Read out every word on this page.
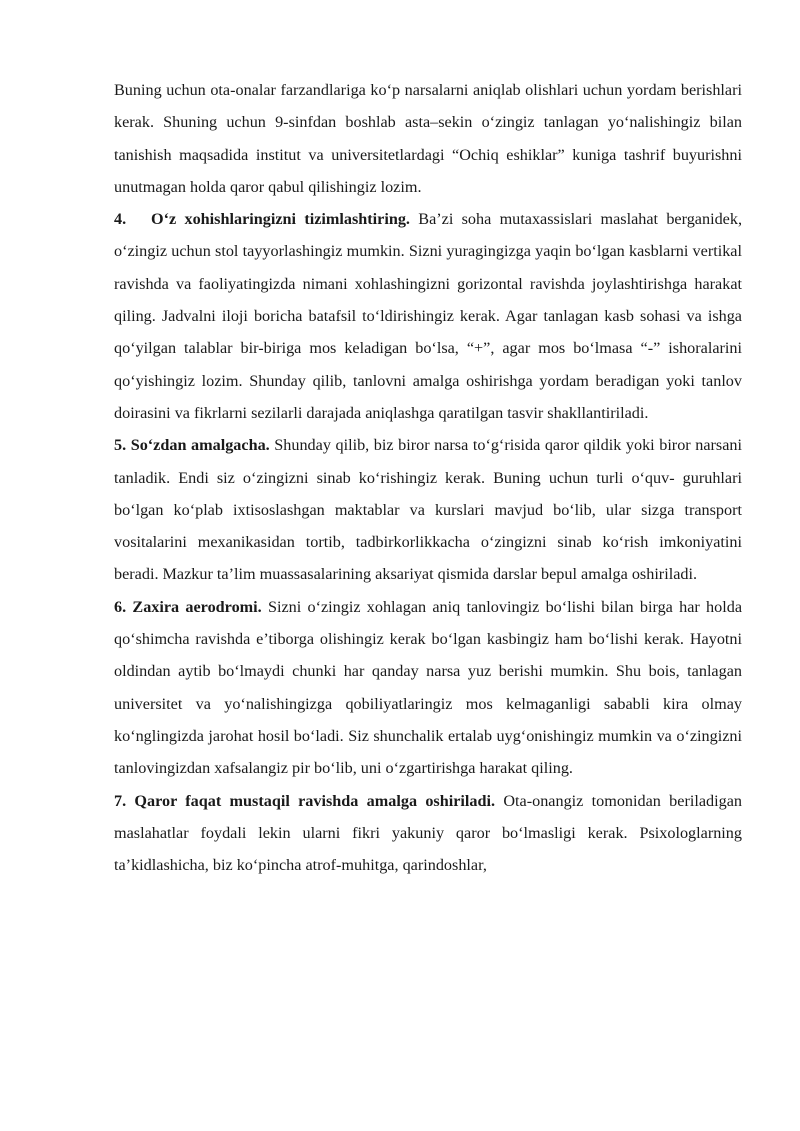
Buning uchun ota-onalar farzandlariga koʻp narsalarni aniqlab olishlari uchun yordam berishlari kerak. Shuning uchun 9-sinfdan boshlab asta–sekin oʻzingiz tanlagan yoʻnalishingiz bilan tanishish maqsadida institut va universitetlardagi “Ochiq eshiklar” kuniga tashrif buyurishni unutmagan holda qaror qabul qilishingiz lozim.

4.   Oʻz xohishlaringizni tizimlashtiring. Ba’zi soha mutaxassislari maslahat berganidek, oʻzingiz uchun stol tayyorlashingiz mumkin. Sizni yuragingizga yaqin boʻlgan kasblarni vertikal ravishda va faoliyatingizda nimani xohlashingizni gorizontal ravishda joylashtirishga harakat qiling. Jadvalni iloji boricha batafsil toʻldirishingiz kerak. Agar tanlagan kasb sohasi va ishga qoʻyilgan talablar bir-biriga mos keladigan boʻlsa, “+”, agar mos boʻlmasa “-” ishoralarini qoʻyishingiz lozim. Shunday qilib, tanlovni amalga oshirishga yordam beradigan yoki tanlov doirasini va fikrlarni sezilarli darajada aniqlashga qaratilgan tasvir shakllantiriladi.

5. Soʻzdan amalgacha. Shunday qilib, biz biror narsa toʻgʻrisida qaror qildik yoki biror narsani tanladik. Endi siz oʻzingizni sinab koʻrishingiz kerak. Buning uchun turli oʻquv- guruhlari boʻlgan koʻplab ixtisoslashgan maktablar va kurslari mavjud boʻlib, ular sizga transport vositalarini mexanikasidan tortib, tadbirkorlikkacha oʻzingizni sinab koʻrish imkoniyatini beradi. Mazkur ta’lim muassasalarining aksariyat qismida darslar bepul amalga oshiriladi.

6. Zaxira aerodromi. Sizni oʻzingiz xohlagan aniq tanlovingiz boʻlishi bilan birga har holda qoʻshimcha ravishda e’tiborga olishingiz kerak boʻlgan kasbingiz ham boʻlishi kerak. Hayotni oldindan aytib boʻlmaydi chunki har qanday narsa yuz berishi mumkin. Shu bois, tanlagan universitet va yoʻnalishingizga qobiliyatlaringiz mos kelmaganligi sababli kira olmay koʻnglingizda jarohat hosil boʻladi. Siz shunchalik ertalab uygʻonishingiz mumkin va oʻzingizni tanlovingizdan xafsalangiz pir boʻlib, uni oʻzgartirishga harakat qiling.

7. Qaror faqat mustaqil ravishda amalga oshiriladi. Ota-onangiz tomonidan beriladigan maslahatlar foydali lekin ularni fikri yakuniy qaror boʻlmasligi kerak. Psixologlarning ta’kidlashicha, biz koʻpincha atrof-muhitga, qarindoshlar,
